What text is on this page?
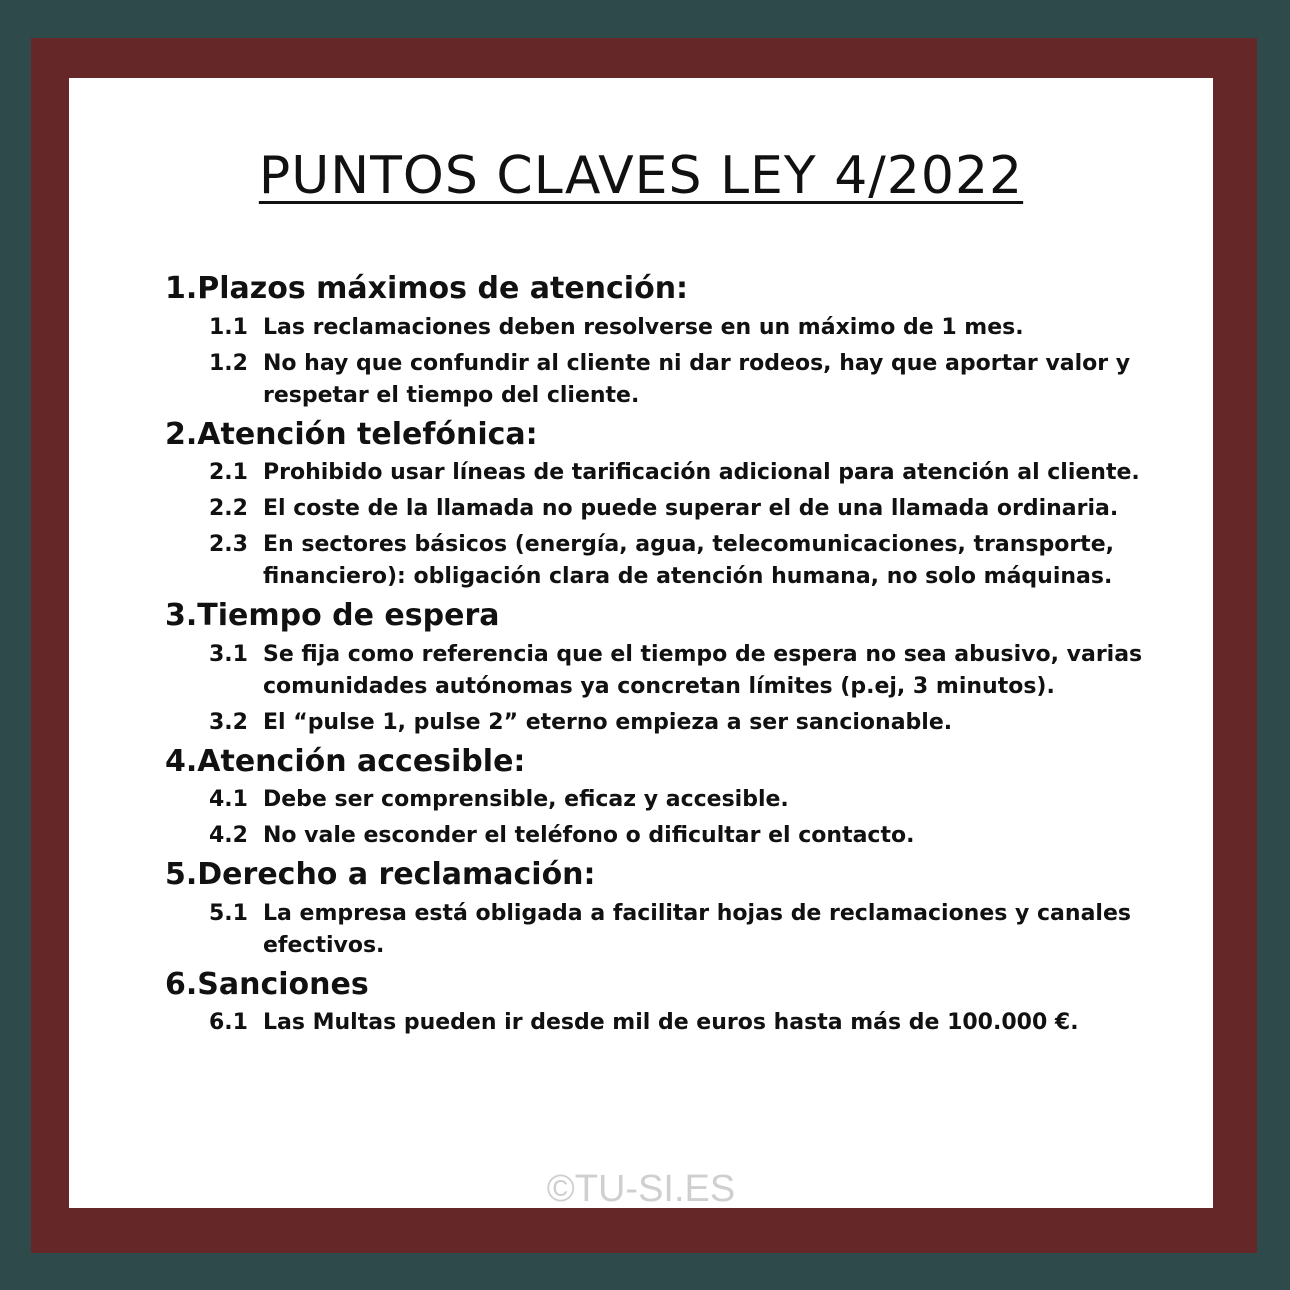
PUNTOS CLAVES LEY 4/2022
1.Plazos máximos de atención:
1.1 Las reclamaciones deben resolverse en un máximo de 1 mes.
1.2 No hay que confundir al cliente ni dar rodeos, hay que aportar valor y respetar el tiempo del cliente.
2.Atención telefónica:
2.1 Prohibido usar líneas de tarificación adicional para atención al cliente.
2.2 El coste de la llamada no puede superar el de una llamada ordinaria.
2.3 En sectores básicos (energía, agua, telecomunicaciones, transporte, financiero): obligación clara de atención humana, no solo máquinas.
3.Tiempo de espera
3.1 Se fija como referencia que el tiempo de espera no sea abusivo, varias comunidades autónomas ya concretan límites (p.ej, 3 minutos).
3.2 El “pulse 1, pulse 2” eterno empieza a ser sancionable.
4.Atención accesible:
4.1 Debe ser comprensible, eficaz y accesible.
4.2 No vale esconder el teléfono o dificultar el contacto.
5.Derecho a reclamación:
5.1 La empresa está obligada a facilitar hojas de reclamaciones y canales efectivos.
6.Sanciones
6.1 Las Multas pueden ir desde mil de euros hasta más de 100.000 €.
©TU-SI.ES
